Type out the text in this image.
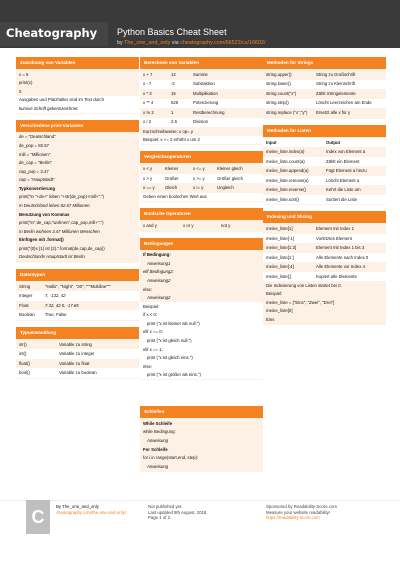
Cheatography Python Basics Cheat Sheet
by The_one_and_only via cheatography.com/66522/cs/16602/
Zuordnung von Variablen
x = 5
print(x)
5
Ausgaben und Platzhalter sind im Text durch
kursive Schrift gekennzeichnet.
Verschiedene print-Varianten
de = "Deutschland"
de_pop = 82.67
mill = "Millionen"
de_cap = "Berlin"
cap_pop = 3.47
cap = "Hauptstadt"
Typkonvertierung
print("In "+de+" leben "+str(de_pop)+mill+".")
In Deutschland leben 82.67 Millionen.
Benutzung von Kommas
print("In",de_cap,"wohnen",cap_pop,mill+".")
In Berlin wohnen 3.47 Millionen Menschen
Einfügen mit .format()
print("{0}s {1} ist {2}.".format(de,cap,de_cap))
Deutschlands Hauptstadt ist Berlin.
Datentypen
String	"Hallo", "Night", "20", """Multiline"""
Integer	7, -132, 42
Float	7.32, 42.0, -17.65
Boolean	True, False
Typumwandlung
str()	Variable zu string
int()	Variable zu integer
float()	Variable zu float
bool()	Variable zu boolean
Berechnen von Variablen
x + 7	12	Summe
x - 7	-2	Subtraktion
x * 3	15	Multiplikation
x ** 4	625	Potenzierung
x % 2	1	Restberechnung
x / 2	2.5	Division
Kurzschreibweise: x op= y
Beispiel: x += 2 erhöht x um 2
Vergleichsoperatoren
x < y	Kleiner	x <= y	Kleiner gleich
x > y	Größer	x >= y	Größer gleich
x == y	Gleich	x != y	Ungleich
Geben einen boolschen Wert aus
Boolsche Operatoren
x and y	x or y	not y
Bedingungen
If Bedingung:
Anweisung1
elif Bedingung2:
Anweisung2
else:
Anweisung2
Beispiel:
if x < 0:
print ("x ist kleiner als null.")
elif x == 0:
print ("x ist gleich null.")
elif x == 1:
print ("x ist gleich eins.")
else:
print ("x ist größer als eins.")
Schleifen
While Schleife
while Bedingung:
Anweisung
For Schleife
for i in range(start,end, step):
Anweisung
Methoden für Strings
string.upper()	String zu Großschrift
string.lower()	String zu Kleinschrift
string.count("x")	Zählt Stringelemente
string.strip()	Löscht Leerzeichen am Ende
string.replace ("x","y")	Ersetzt alle x für y
Methoden für Listen
Input	Output
meine_liste.index(a)	Index von Element a
meine_liste.count(a)	Zählt ein Element
meine_liste.append(a)	Fügt Element a hinzu
meine_liste.remove(a)	Löscht Element a
meine_liste.reverse()	Kehrt die Liste um
meine_liste.sort()	Sortiert die Liste
Indexing und Slicing
meine_liste[1]	Element mit Index 1
meine_liste[-1]	Vorletztes Element
meine_liste[1:3]	Element mit Index 1 bis 3
meine_liste[1:]	Alle Elemente nach Index 0
meine_liste[:4]	Alle Elemente vor Index 4
meine_liste[:]	Kopiert alle Elemente
Die Indexierung von Listen startet bei 0.
Beispiel:
meine_liste = ["Eins", "Zwei", "Drei"]
meine_liste[0]
Eins
C
By The_one_and_only
cheatography.com/the-one-and-only/
Not published yet.
Last updated 9th August, 2018.
Page 1 of 2.
Sponsored by Readability-Score.com
Measure your website readability!
https://readability-score.com
